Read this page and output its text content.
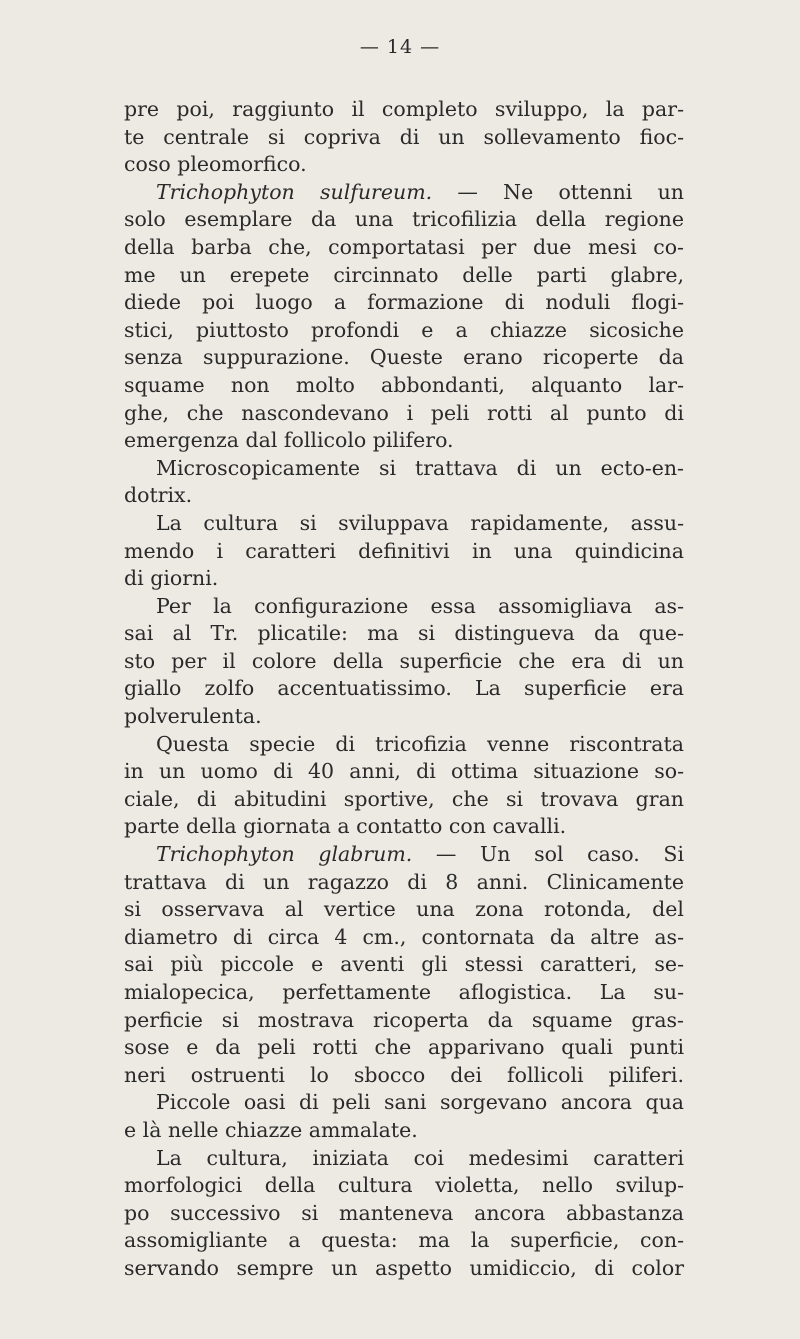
— 14 —
pre poi, raggiunto il completo sviluppo, la par-
te centrale si copriva di un sollevamento fioc-
coso pleomorfico.
Trichophyton sulfureum. — Ne ottenni un
solo esemplare da una tricofilizia della regione
della barba che, comportatasi per due mesi co-
me un erepete circinnato delle parti glabre,
diede poi luogo a formazione di noduli flogi-
stici, piuttosto profondi e a chiazze sicosiche
senza suppurazione. Queste erano ricoperte da
squame non molto abbondanti, alquanto lar-
ghe, che nascondevano i peli rotti al punto di
emergenza dal follicolo pilifero.
Microscopicamente si trattava di un ecto-en-
dotrix.
La cultura si sviluppava rapidamente, assu-
mendo i caratteri definitivi in una quindicina
di giorni.
Per la configurazione essa assomigliava as-
sai al Tr. plicatile: ma si distingueva da que-
sto per il colore della superficie che era di un
giallo zolfo accentuatissimo. La superficie era
polverulenta.
Questa specie di tricofizia venne riscontrata
in un uomo di 40 anni, di ottima situazione so-
ciale, di abitudini sportive, che si trovava gran
parte della giornata a contatto con cavalli.
Trichophyton glabrum. — Un sol caso. Si
trattava di un ragazzo di 8 anni. Clinicamente
si osservava al vertice una zona rotonda, del
diametro di circa 4 cm., contornata da altre as-
sai più piccole e aventi gli stessi caratteri, se-
mialopecica, perfettamente aflogistica. La su-
perficie si mostrava ricoperta da squame gras-
sose e da peli rotti che apparivano quali punti
neri ostruenti lo sbocco dei follicoli piliferi.
Piccole oasi di peli sani sorgevano ancora qua
e là nelle chiazze ammalate.
La cultura, iniziata coi medesimi caratteri
morfologici della cultura violetta, nello svilup-
po successivo si manteneva ancora abbastanza
assomigliante a questa: ma la superficie, con-
servando sempre un aspetto umidiccio, di color
